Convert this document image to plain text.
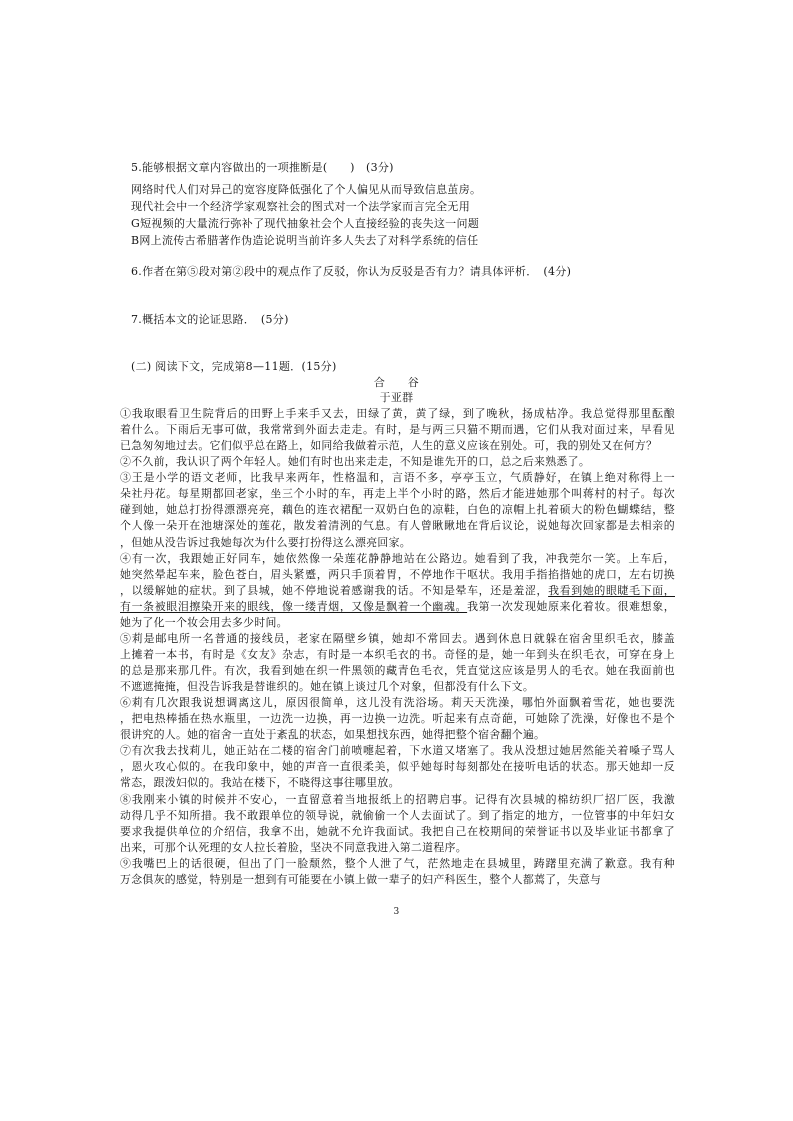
5.能够根据文章内容做出的一项推断是(　　)　(3分)
网络时代人们对异己的宽容度降低强化了个人偏见从而导致信息茧房。
现代社会中一个经济学家观察社会的图式对一个法学家而言完全无用
G短视频的大量流行弥补了现代抽象社会个人直接经验的丧失这一问题
B网上流传古希腊著作伪造论说明当前许多人失去了对科学系统的信任
6.作者在第⑤段对第②段中的观点作了反驳，你认为反驳是否有力？请具体评析．　(4分)
7.概括本文的论证思路．　(5分)
(二) 阅读下文，完成第8—11题．(15分)
合　　谷
于亚群
①我取眼看卫生院背后的田野上手来手又去，田绿了黄，黄了绿，到了晚秋，扬成枯净。我总觉得那里酝酿
着什么。下雨后无事可做，我常常到外面去走走。有时，是与两三只猫不期而遇，它们从我对面过来，早看见
已急匆匆地过去。它们似乎总在路上，如同给我做着示范，人生的意义应该在别处。可，我的别处又在何方？
②不久前，我认识了两个年轻人。她们有时也出来走走，不知是谁先开的口，总之后来熟悉了。
③王是小学的语文老师，比我早来两年，性格温和，言语不多，亭亭玉立，气质静好，在镇上绝对称得上一
朵社丹花。每星期都回老家，坐三个小时的车，再走上半个小时的路，然后才能进她那个叫蒋村的村子。每次
碰到她，她总打扮得漂漂亮亮，藕色的连衣裙配一双奶白色的凉鞋，白色的凉帽上扎着硕大的粉色蝴蝶结，整
个人像一朵开在池塘深处的莲花，散发着清洌的气息。有人曾瞅瞅地在背后议论，说她每次回家都是去相亲的
，但她从没告诉过我她每次为什么要打扮得这么漂亮回家。
④有一次，我跟她正好同车，她依然像一朵莲花静静地站在公路边。她看到了我，冲我莞尔一笑。上车后，
她突然晕起车来，脸色苍白，眉头紧蹙，两只手顶着胃，不停地作干呕状。我用手指掐揩她的虎口，左右切换
，以缓解她的症状。到了县城，她不停地说着感谢我的话。不知是晕车，还是羞涩，我看到她的眼睫毛下面，
有一条被眼泪擦染开来的眼线，像一缕青烟，又像是飘着一个幽魂。我第一次发现她原来化着妆。很难想象，
她为了化一个妆会用去多少时间。
⑤莉是邮电所一名普通的接线员，老家在隔壁乡镇，她却不常回去。遇到休息日就躲在宿舍里织毛衣，膝盖
上摊着一本书，有时是《女友》杂志，有时是一本织毛衣的书。奇怪的是，她一年到头在织毛衣，可穿在身上
的总是那来那几件。有次，我看到她在织一件黑领的藏青色毛衣，凭直觉这应该是男人的毛衣。她在我面前也
不遮遮掩掩，但没告诉我是替谁织的。她在镇上谈过几个对象，但都没有什么下文。
⑥莉有几次跟我说想调离这儿，原因很简单，这儿没有洗浴场。莉天天洗澡，哪怕外面飘着雪花，她也要洗
，把电热棒插在热水瓶里，一边洗一边换，再一边换一边洗。听起来有点奇葩，可她除了洗澡，好像也不是个
很讲究的人。她的宿舍一直处于紊乱的状态，如果想找东西，她得把整个宿舍翻个遍。
⑦有次我去找莉儿，她正站在二楼的宿舍门前喷嚏起着，下水道又堵塞了。我从没想过她居然能关着嗓子骂人
，恩火攻心似的。在我印象中，她的声音一直很柔美，似乎她每时每刻都处在接听电话的状态。那天她却一反
常态，跟泼妇似的。我站在楼下，不晓得这事往哪里放。
⑧我刚来小镇的时候并不安心，一直留意着当地报纸上的招聘启事。记得有次县城的棉纺织厂招厂医，我激
动得几乎不知所措。我不敢跟单位的领导说，就偷偷一个人去面试了。到了指定的地方，一位管事的中年妇女
要求我提供单位的介绍信，我拿不出，她就不允许我面试。我把自己在校期间的荣誉证书以及毕业证书都拿了
出来，可那个认死理的女人拉长着脸，坚决不同意我进入第二道程序。
⑨我嘴巴上的话很硬，但出了门一脸颓然，整个人泄了气，茫然地走在县城里，踌躇里充满了歉意。我有种
万念俱灰的感觉，特别是一想到有可能要在小镇上做一辈子的妇产科医生，整个人都蔫了，失意与
3
